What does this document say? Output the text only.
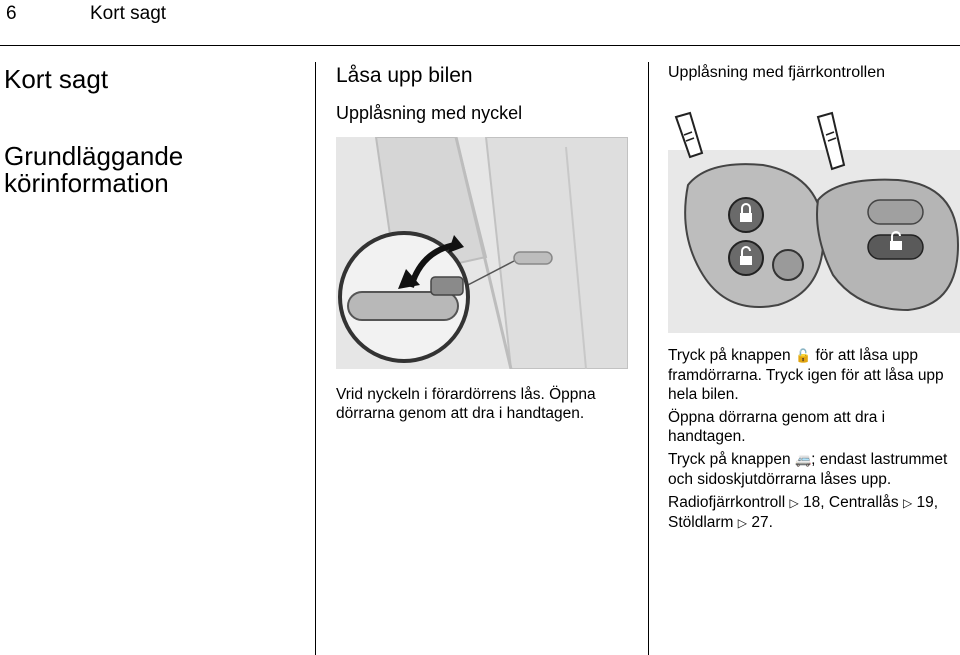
6	Kort sagt
Kort sagt
Grundläggande körinformation
Låsa upp bilen
Upplåsning med nyckel
Vrid nyckeln i förardörrens lås. Öppna dörrarna genom att dra i handtagen.
Upplåsning med fjärrkontrollen

Tryck på knappen 🔓 för att låsa upp framdörrarna. Tryck igen för att låsa upp hela bilen.

Öppna dörrarna genom att dra i handtagen.

Tryck på knappen 🚐; endast lastrummet och sidoskjutdörrarna låses upp.

Radiofjärrkontroll ▷ 18, Centrallås ▷ 19, Stöldlarm ▷ 27.
